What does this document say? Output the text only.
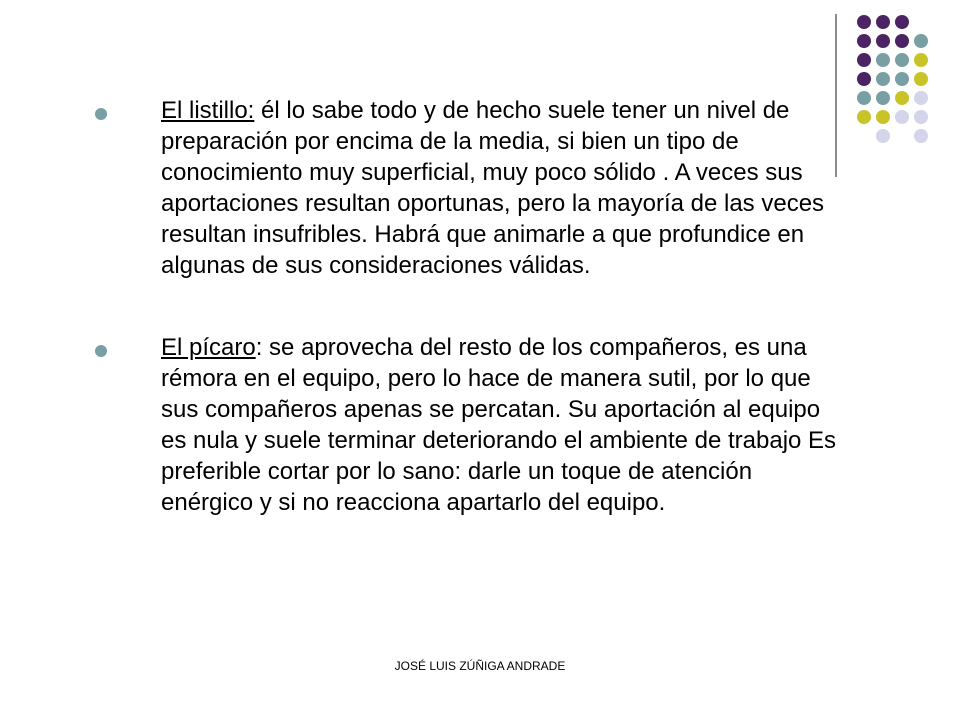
El listillo: él lo sabe todo y de hecho suele tener un nivel de preparación por encima de la media, si bien un tipo de conocimiento muy superficial, muy poco sólido . A veces sus aportaciones resultan oportunas, pero la mayoría de las veces resultan insufribles. Habrá que animarle a que profundice en algunas de sus consideraciones válidas.
El pícaro: se aprovecha del resto de los compañeros, es una rémora en el equipo, pero lo hace de manera sutil, por lo que sus compañeros apenas se percatan. Su aportación al equipo es nula y suele terminar deteriorando el ambiente de trabajo Es preferible cortar por lo sano: darle un toque de atención enérgico y si no reacciona apartarlo del equipo.
JOSÉ LUIS ZÚÑIGA ANDRADE
